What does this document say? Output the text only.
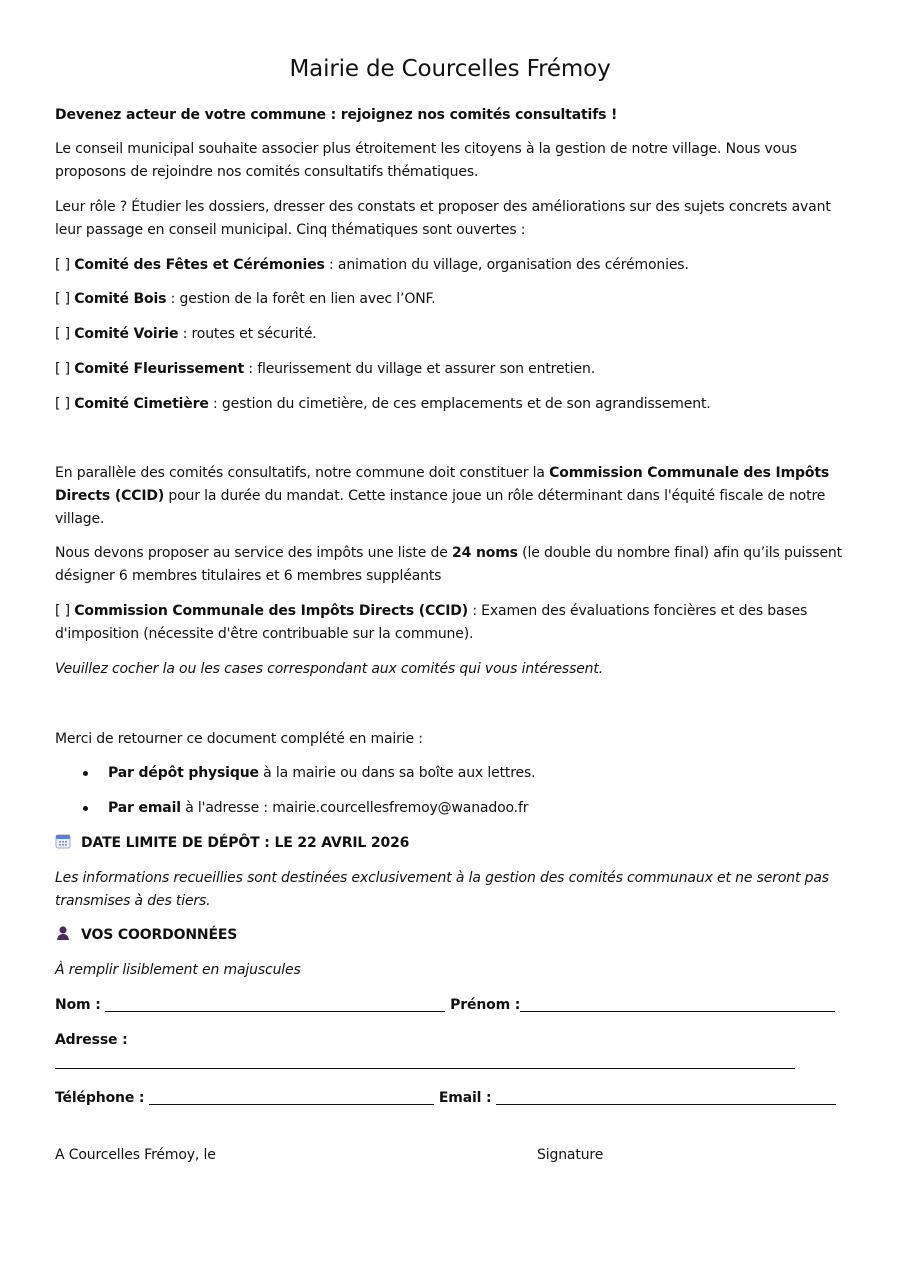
Mairie de Courcelles Frémoy
Devenez acteur de votre commune : rejoignez nos comités consultatifs !
Le conseil municipal souhaite associer plus étroitement les citoyens à la gestion de notre village. Nous vous proposons de rejoindre nos comités consultatifs thématiques.
Leur rôle ? Étudier les dossiers, dresser des constats et proposer des améliorations sur des sujets concrets avant leur passage en conseil municipal. Cinq thématiques sont ouvertes :
[ ] Comité des Fêtes et Cérémonies : animation du village, organisation des cérémonies.
[ ] Comité Bois : gestion de la forêt en lien avec l’ONF.
[ ] Comité Voirie : routes et sécurité.
[ ] Comité Fleurissement : fleurissement du village et assurer son entretien.
[ ] Comité Cimetière : gestion du cimetière, de ces emplacements et de son agrandissement.
En parallèle des comités consultatifs, notre commune doit constituer la Commission Communale des Impôts Directs (CCID) pour la durée du mandat. Cette instance joue un rôle déterminant dans l'équité fiscale de notre village.
Nous devons proposer au service des impôts une liste de 24 noms (le double du nombre final) afin qu’ils puissent désigner 6 membres titulaires et 6 membres suppléants
[ ] Commission Communale des Impôts Directs (CCID) : Examen des évaluations foncières et des bases d'imposition (nécessite d'être contribuable sur la commune).
Veuillez cocher la ou les cases correspondant aux comités qui vous intéressent.
Merci de retourner ce document complété en mairie :
Par dépôt physique à la mairie ou dans sa boîte aux lettres.
Par email à l'adresse : mairie.courcellesfremoy@wanadoo.fr
DATE LIMITE DE DÉPÔT : LE 22 AVRIL 2026
Les informations recueillies sont destinées exclusivement à la gestion des comités communaux et ne seront pas transmises à des tiers.
VOS COORDONNÉES
À remplir lisiblement en majuscules
Nom :	Prénom :
Adresse :
Téléphone :	Email :
A Courcelles Frémoy, le	Signature
